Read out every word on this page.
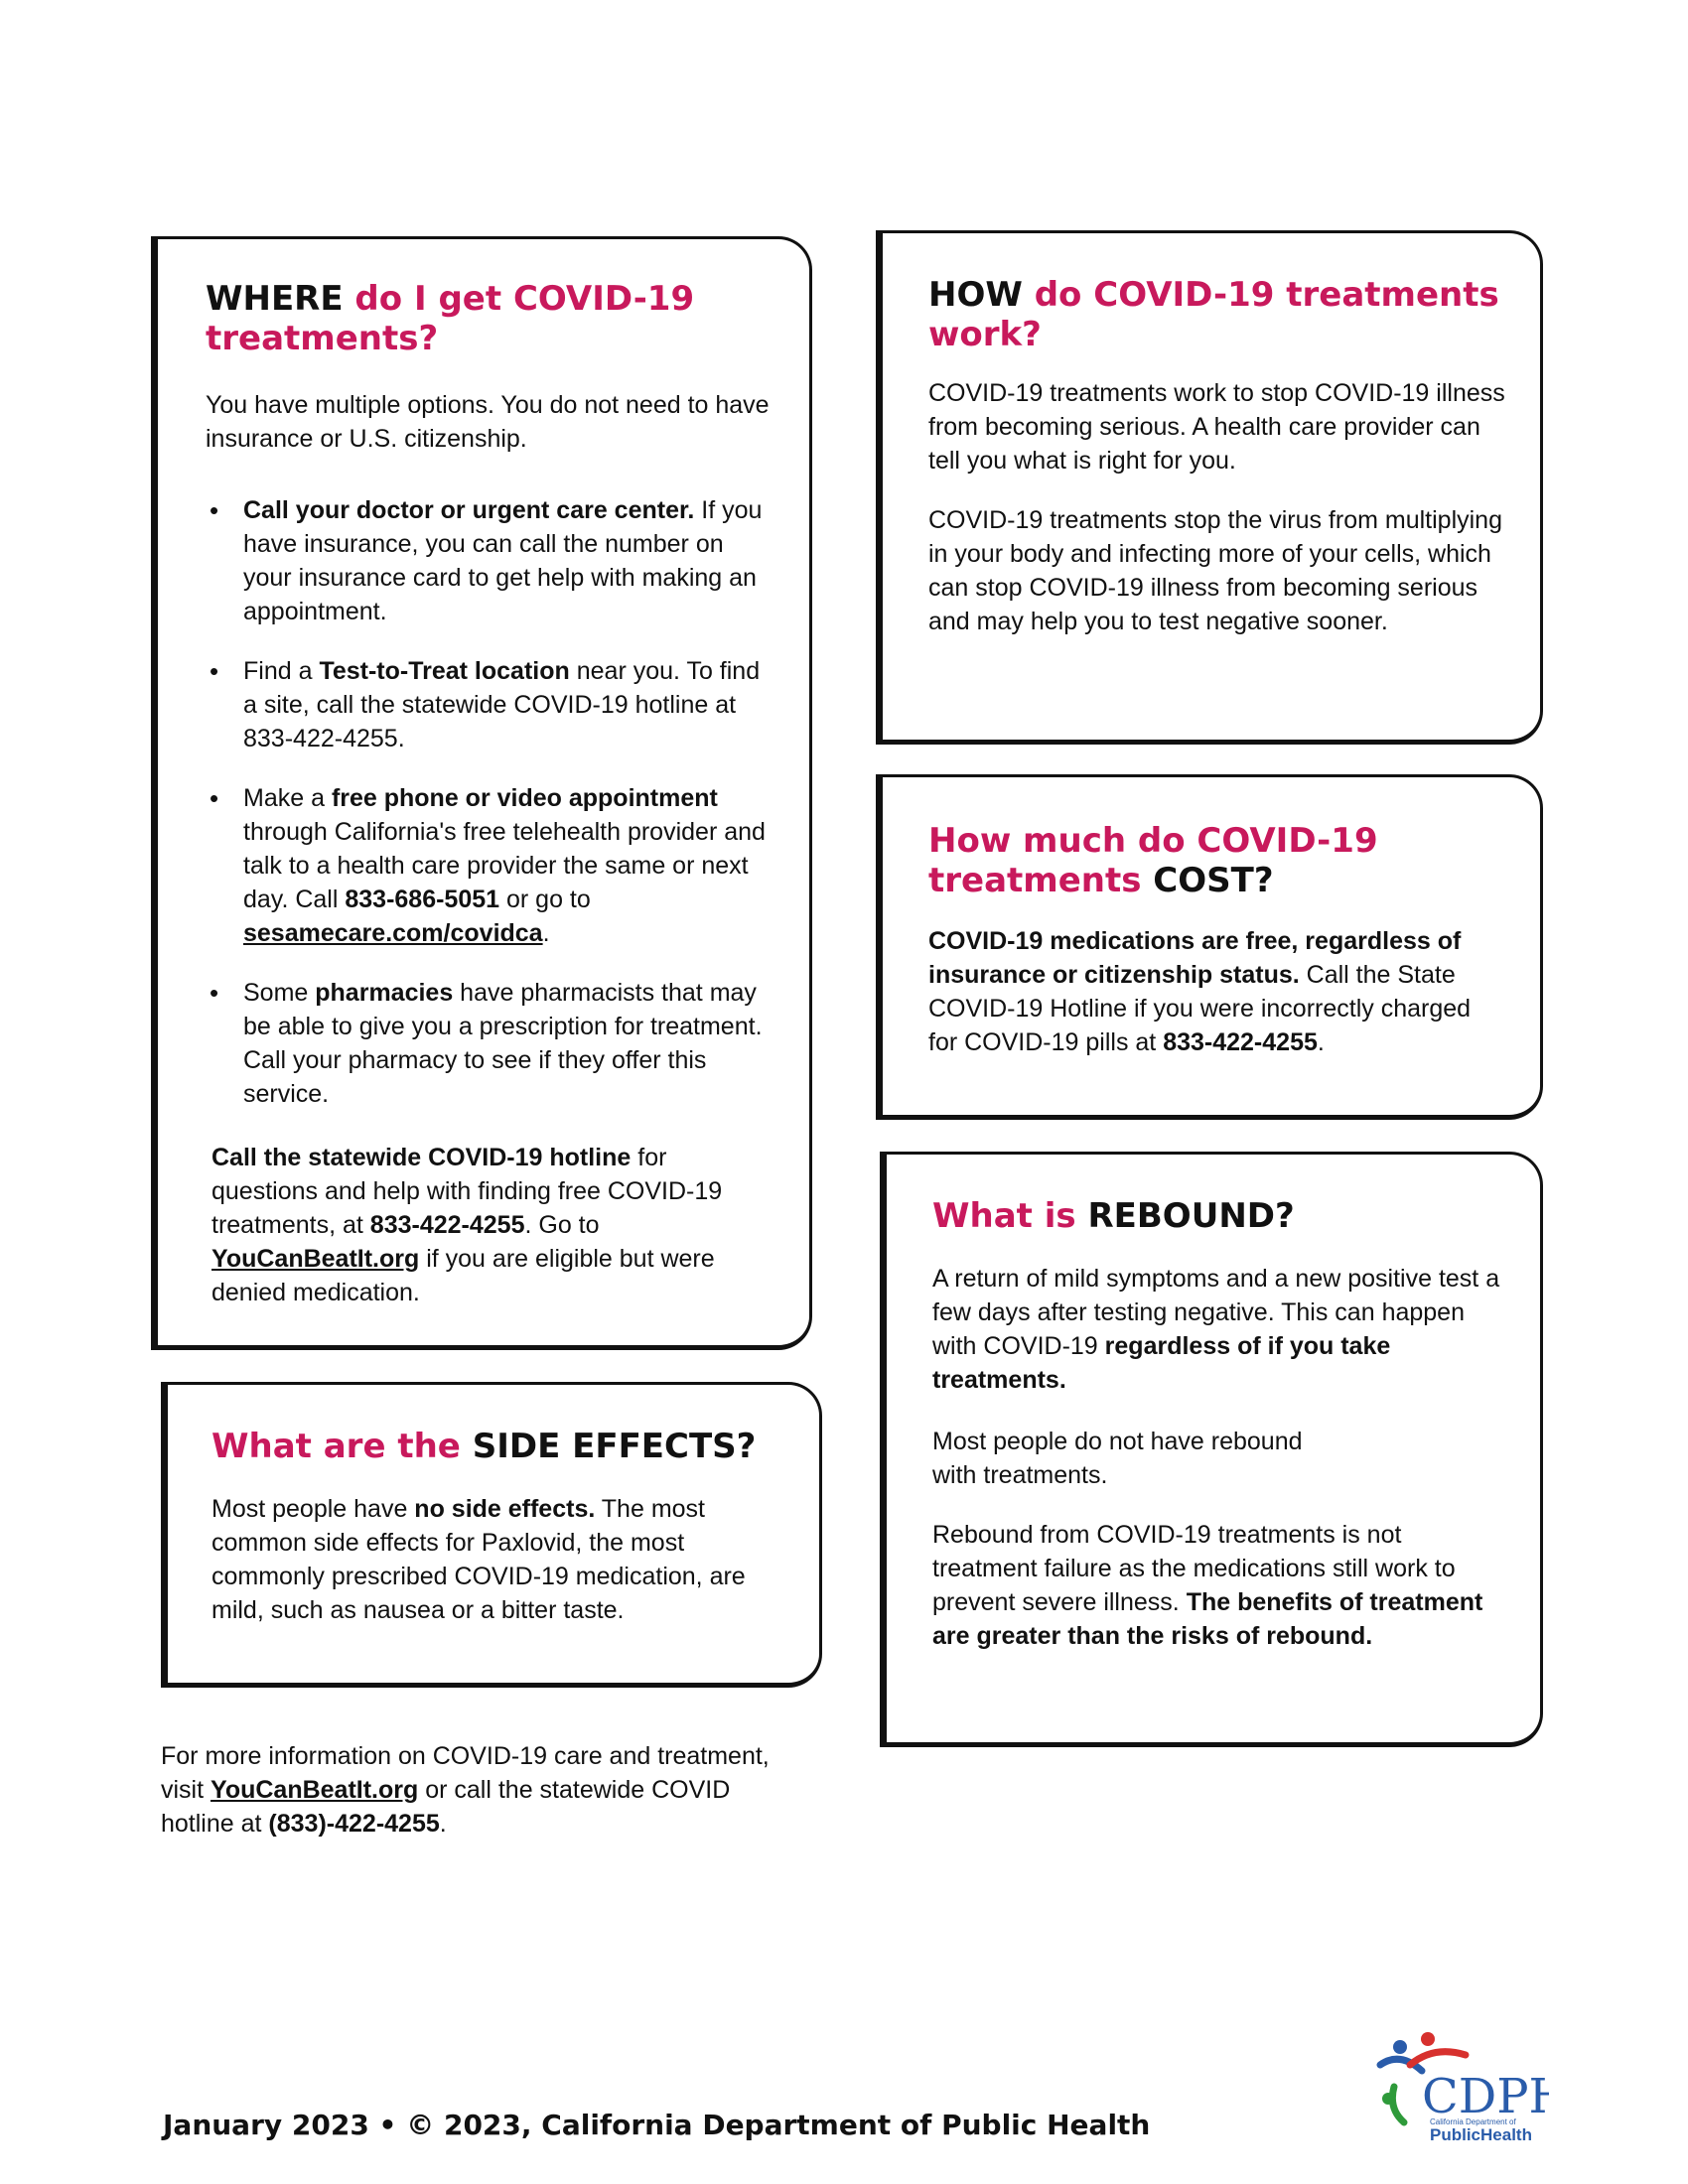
WHERE do I get COVID-19 treatments?

You have multiple options. You do not need to have insurance or U.S. citizenship.

• Call your doctor or urgent care center. If you have insurance, you can call the number on your insurance card to get help with making an appointment.
• Find a Test-to-Treat location near you. To find a site, call the statewide COVID-19 hotline at 833-422-4255.
• Make a free phone or video appointment through California's free telehealth provider and talk to a health care provider the same or next day. Call 833-686-5051 or go to sesamecare.com/covidca.
• Some pharmacies have pharmacists that may be able to give you a prescription for treatment. Call your pharmacy to see if they offer this service.

Call the statewide COVID-19 hotline for questions and help with finding free COVID-19 treatments, at 833-422-4255. Go to YouCanBeatIt.org if you are eligible but were denied medication.

What are the SIDE EFFECTS?

Most people have no side effects. The most common side effects for Paxlovid, the most commonly prescribed COVID-19 medication, are mild, such as nausea or a bitter taste.

For more information on COVID-19 care and treatment, visit YouCanBeatIt.org or call the statewide COVID hotline at (833)-422-4255.
HOW do COVID-19 treatments work?

COVID-19 treatments work to stop COVID-19 illness from becoming serious. A health care provider can tell you what is right for you.

COVID-19 treatments stop the virus from multiplying in your body and infecting more of your cells, which can stop COVID-19 illness from becoming serious and may help you to test negative sooner.

How much do COVID-19 treatments COST?

COVID-19 medications are free, regardless of insurance or citizenship status. Call the State COVID-19 Hotline if you were incorrectly charged for COVID-19 pills at 833-422-4255.

What is REBOUND?

A return of mild symptoms and a new positive test a few days after testing negative. This can happen with COVID-19 regardless of if you take treatments.

Most people do not have rebound with treatments.

Rebound from COVID-19 treatments is not treatment failure as the medications still work to prevent severe illness. The benefits of treatment are greater than the risks of rebound.

January 2023 • © 2023, California Department of Public Health
CDP
California Department of
PublicHealth
